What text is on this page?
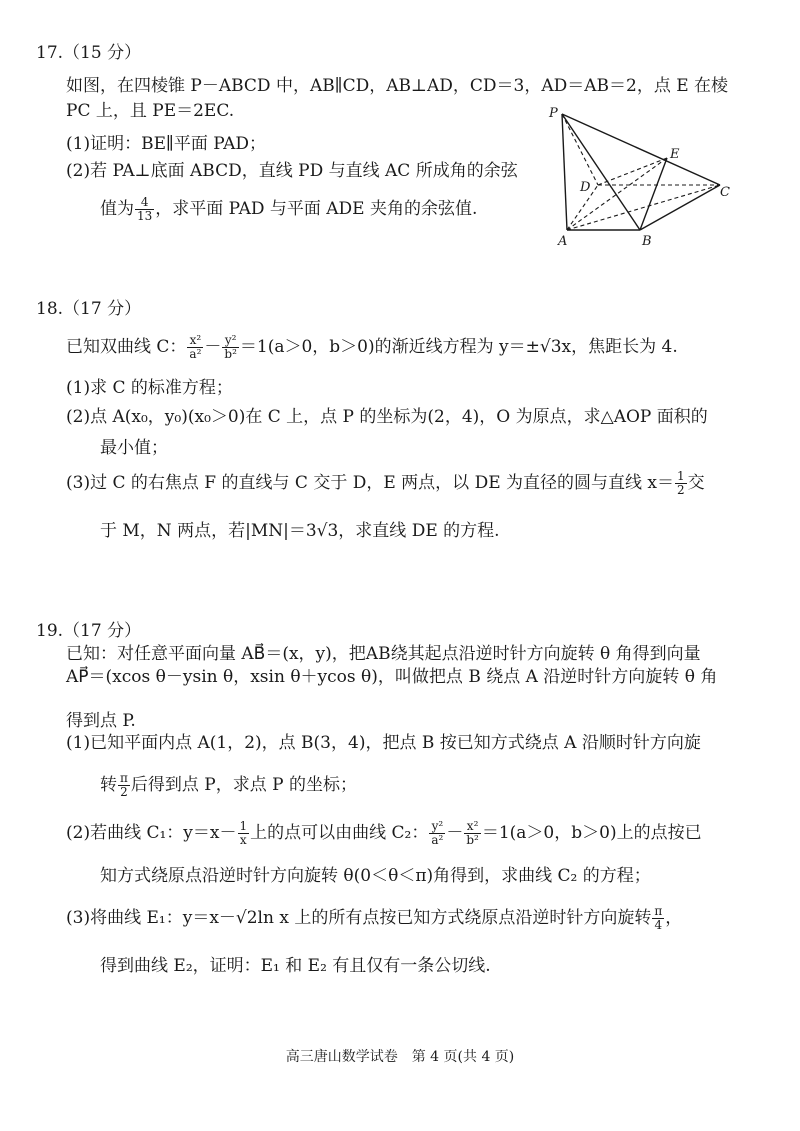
17.（15 分）
如图，在四棱锥 P－ABCD 中，AB∥CD，AB⊥AD，CD＝3，AD＝AB＝2，点 E 在棱
PC 上，且 PE＝2EC.
(1)证明：BE∥平面 PAD；
(2)若 PA⊥底面 ABCD，直线 PD 与直线 AC 所成角的余弦
值为 $\frac{4}{13}$ ，求平面 PAD 与平面 ADE 夹角的余弦值.
P
E
D	C
A	B
18.（17 分）
已知双曲线 C： $\frac{\text{x²}}{\text{a²}} - \frac{\text{y²}}{\text{b²}} =1(a>0$，b＞0)的渐近线方程为 y＝±√3x，焦距长为 4.
(1)求 C 的标准方程；
(2)点 A(x₀，y₀)(x₀＞0)在 C 上，点 P 的坐标为(2，4)，O 为原点，求△AOP 面积的
最小值；
(3)过 C 的右焦点 F 的直线与 C 交于 D，E 两点，以 DE 为直径的圆与直线 $x= \frac{1}{2}$ 交
于 M，N 两点，若|MN|＝3√3，求直线 DE 的方程.
19.（17 分）
已知：对任意平面向量 AB⃗＝(x，y)，把AB绕其起点沿逆时针方向旋转 θ 角得到向量
AP⃗＝(xcos θ－ysin θ，xsin θ＋ycos θ)，叫做把点 B 绕点 A 沿逆时针方向旋转 θ 角
得到点 P.
(1)已知平面内点 A(1，2)，点 B(3，4)，把点 B 按已知方式绕点 A 沿顺时针方向旋
转 $\frac{\pi}{2}$ 后得到点 P，求点 P 的坐标；
(2)若曲线 C₁：$y=x- \frac{1}{x}$ 上的点可以由曲线 C₂： $\frac{\text{y²}}{\text{a²}} - \frac{\text{x²}}{\text{b²}} =1(a>0$，b＞0)上的点按已
知方式绕原点沿逆时针方向旋转 θ(0＜θ＜π)角得到，求曲线 C₂ 的方程；
(3)将曲线 E₁：y＝x－√2ln x 上的所有点按已知方式绕原点沿逆时针方向旋转 $\frac{\pi}{4}$ ，
得到曲线 E₂，证明：E₁ 和 E₂ 有且仅有一条公切线.
高三唐山数学试卷　第 4 页(共 4 页)
